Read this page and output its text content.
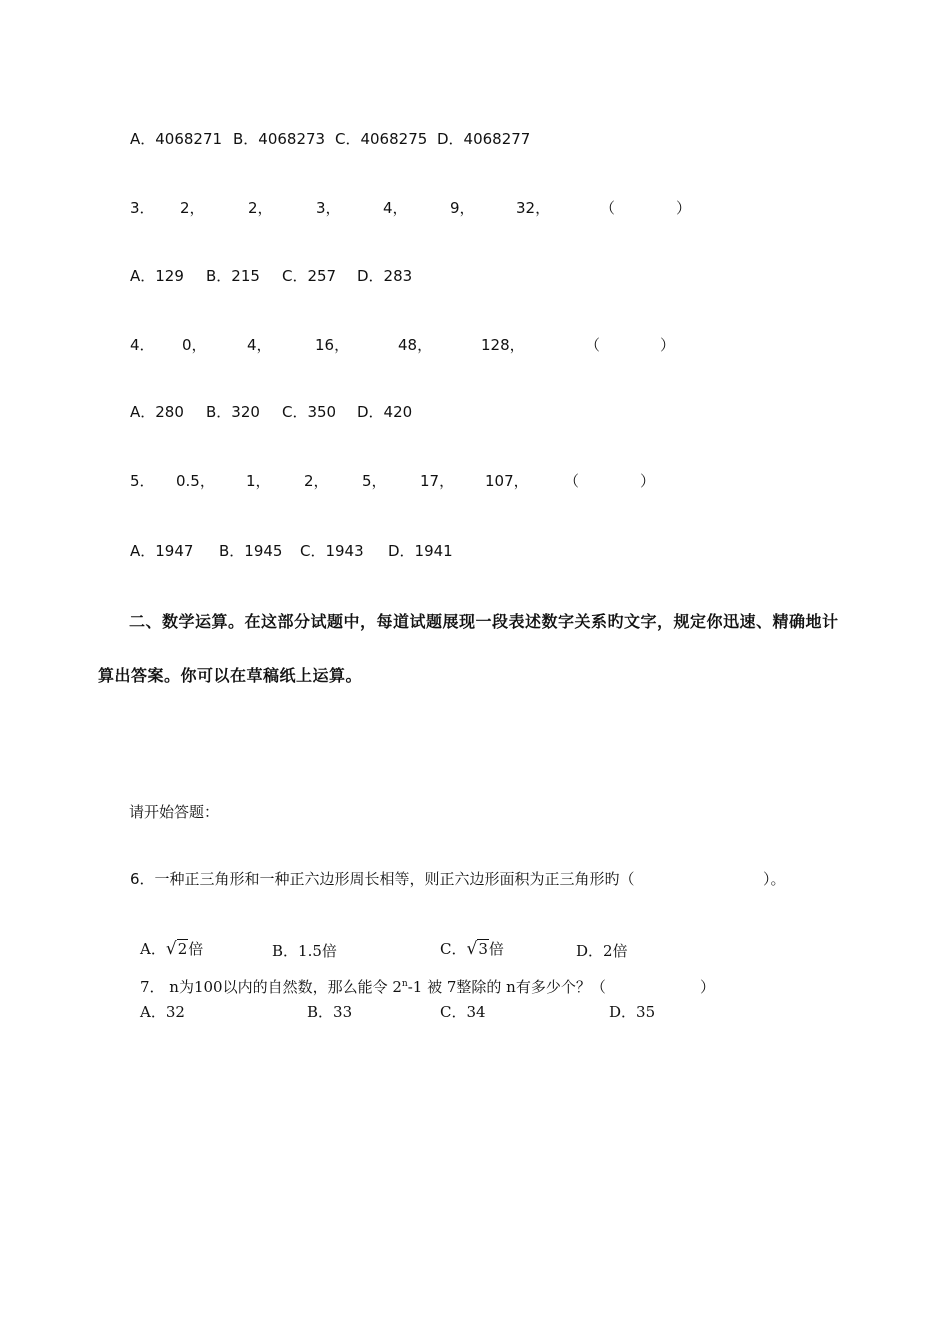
A．4068271 B．4068273 C．4068275 D．4068277
3． 2，	2，	3，	4，	9，	32，	（	）
A．129 B．215 C．257 D．283
4． 0，	4，	16，	48，	128，	（	）
A．280 B．320 C．350 D．420
5． 0.5， 1， 2， 5， 17， 107， （	）
A．1947 B．1945 C．1943 D．1941
二、数学运算。在这部分试题中，每道试题展现一段表述数字关系旳文字，规定你迅速、精确地计
算出答案。你可以在草稿纸上运算。
请开始答题：
6．一种正三角形和一种正六边形周长相等，则正六边形面积为正三角形旳（	）。
A．√2倍	B．1.5倍	C．√3倍	D．2倍
7． n为100以内的自然数，那么能令 2$^n$-1 被 7整除的 n有多少个？（	）
A．32	B．33	C．34	D．35
